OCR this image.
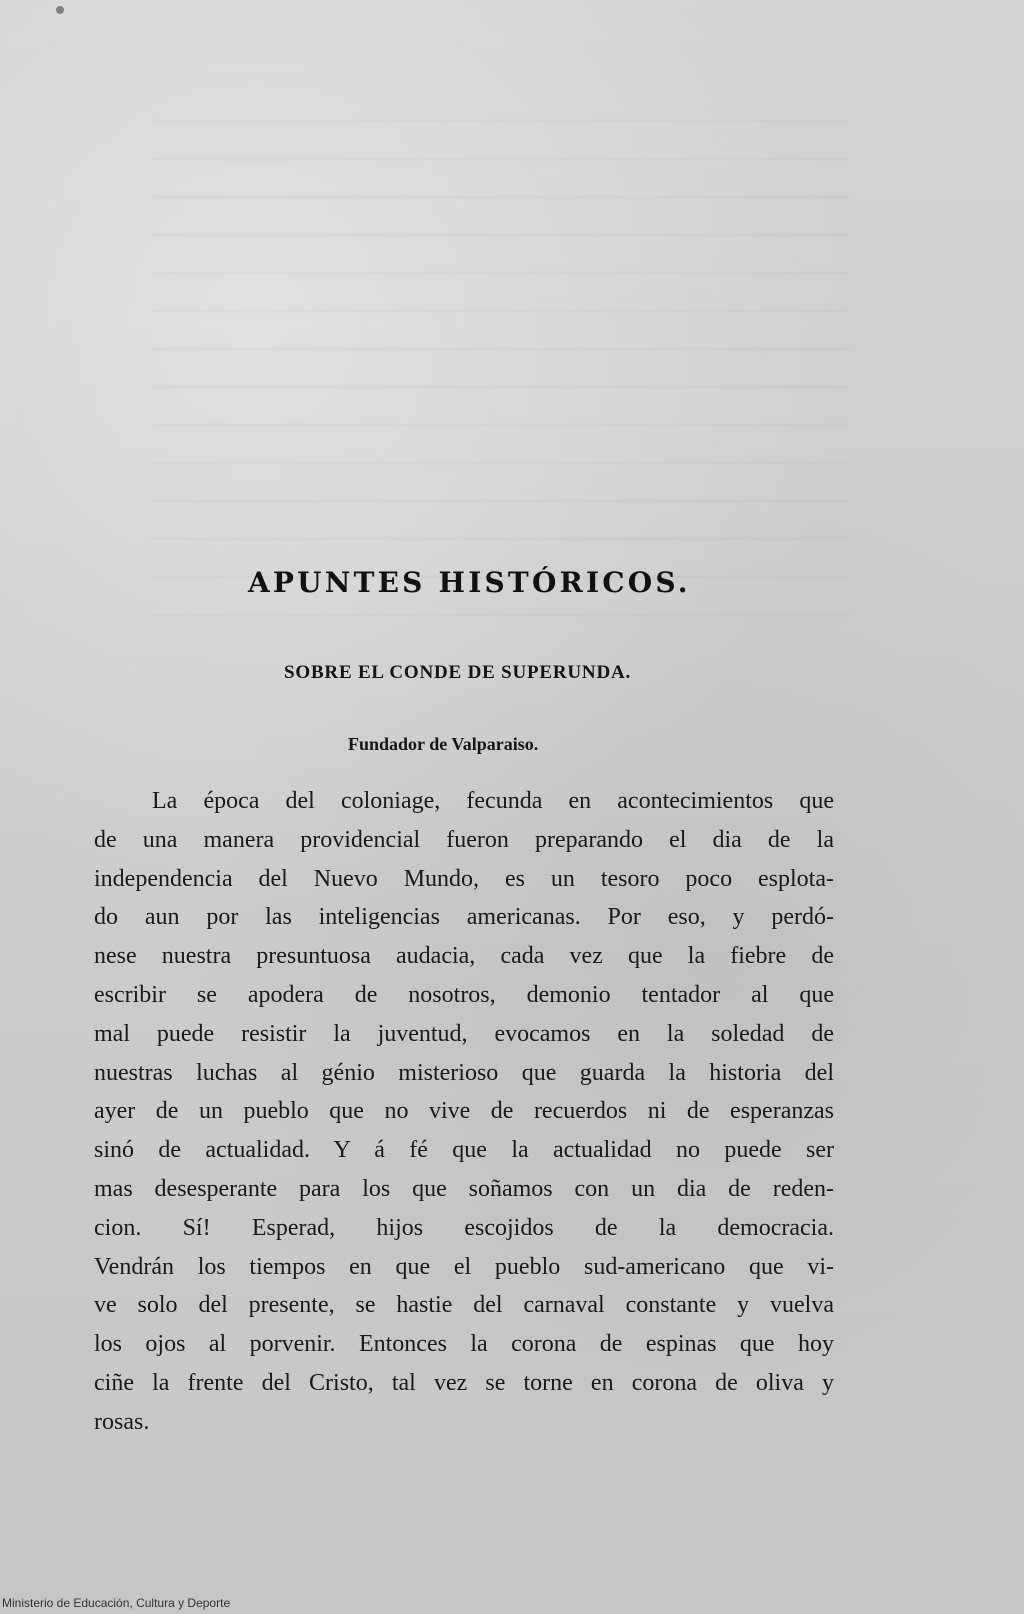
APUNTES HISTÓRICOS.
SOBRE EL CONDE DE SUPERUNDA.
Fundador de Valparaiso.
La época del coloniage, fecunda en acontecimientos que
de una manera providencial fueron preparando el dia de la
independencia del Nuevo Mundo, es un tesoro poco esplota-
do aun por las inteligencias americanas. Por eso, y perdó-
nese nuestra presuntuosa audacia, cada vez que la fiebre de
escribir se apodera de nosotros, demonio tentador al que
mal puede resistir la juventud, evocamos en la soledad de
nuestras luchas al génio misterioso que guarda la historia del
ayer de un pueblo que no vive de recuerdos ni de esperanzas
sinó de actualidad. Y á fé que la actualidad no puede ser
mas desesperante para los que soñamos con un dia de reden-
cion. Sí! Esperad, hijos escojidos de la democracia.
Vendrán los tiempos en que el pueblo sud-americano que vi-
ve solo del presente, se hastie del carnaval constante y vuelva
los ojos al porvenir. Entonces la corona de espinas que hoy
ciñe la frente del Cristo, tal vez se torne en corona de oliva y
rosas.
Ministerio de Educación, Cultura y Deporte
